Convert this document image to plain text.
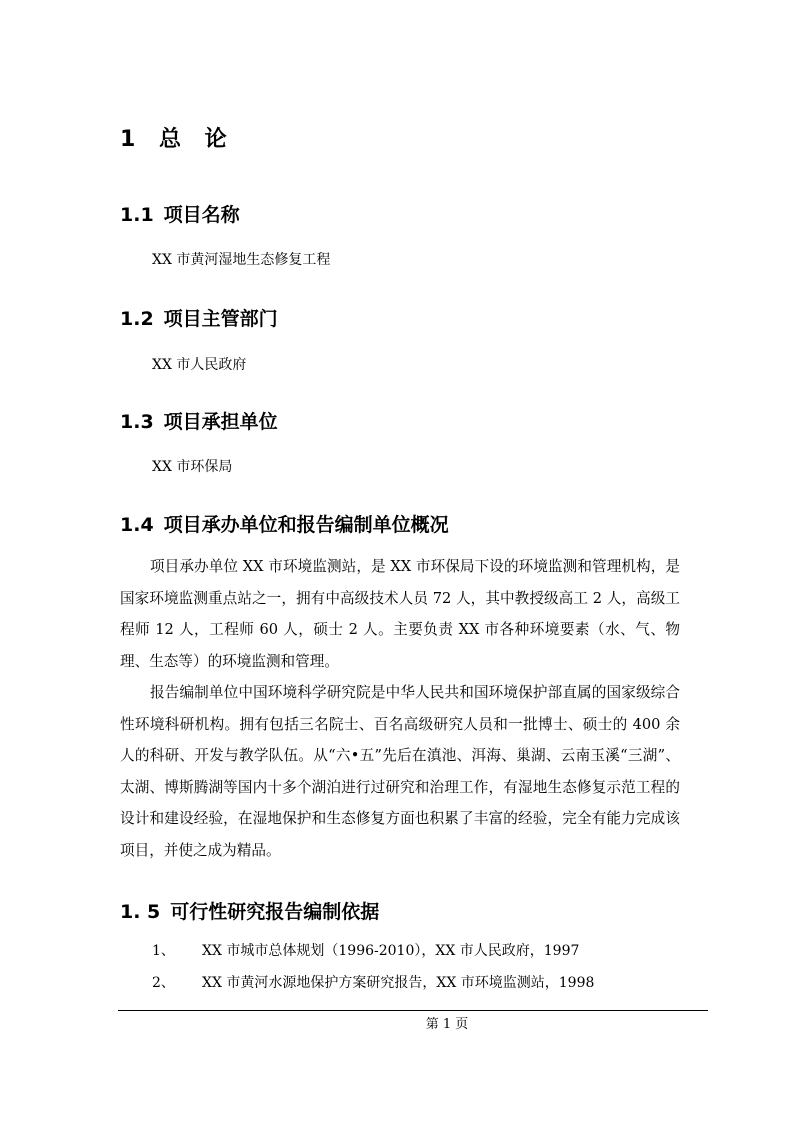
1 总 论
1.1 项目名称
XX 市黄河湿地生态修复工程
1.2 项目主管部门
XX 市人民政府
1.3 项目承担单位
XX 市环保局
1.4 项目承办单位和报告编制单位概况
项目承办单位 XX 市环境监测站，是 XX 市环保局下设的环境监测和管理机构，是国家环境监测重点站之一，拥有中高级技术人员 72 人，其中教授级高工 2 人，高级工程师 12 人，工程师 60 人，硕士 2 人。主要负责 XX 市各种环境要素（水、气、物理、生态等）的环境监测和管理。
报告编制单位中国环境科学研究院是中华人民共和国环境保护部直属的国家级综合性环境科研机构。拥有包括三名院士、百名高级研究人员和一批博士、硕士的 400 余人的科研、开发与教学队伍。从“六•五”先后在滇池、洱海、巢湖、云南玉溪“三湖”、太湖、博斯腾湖等国内十多个湖泊进行过研究和治理工作，有湿地生态修复示范工程的设计和建设经验，在湿地保护和生态修复方面也积累了丰富的经验，完全有能力完成该项目，并使之成为精品。
1. 5 可行性研究报告编制依据
1、 XX 市城市总体规划（1996-2010），XX 市人民政府，1997
2、 XX 市黄河水源地保护方案研究报告，XX 市环境监测站，1998
第 1 页
